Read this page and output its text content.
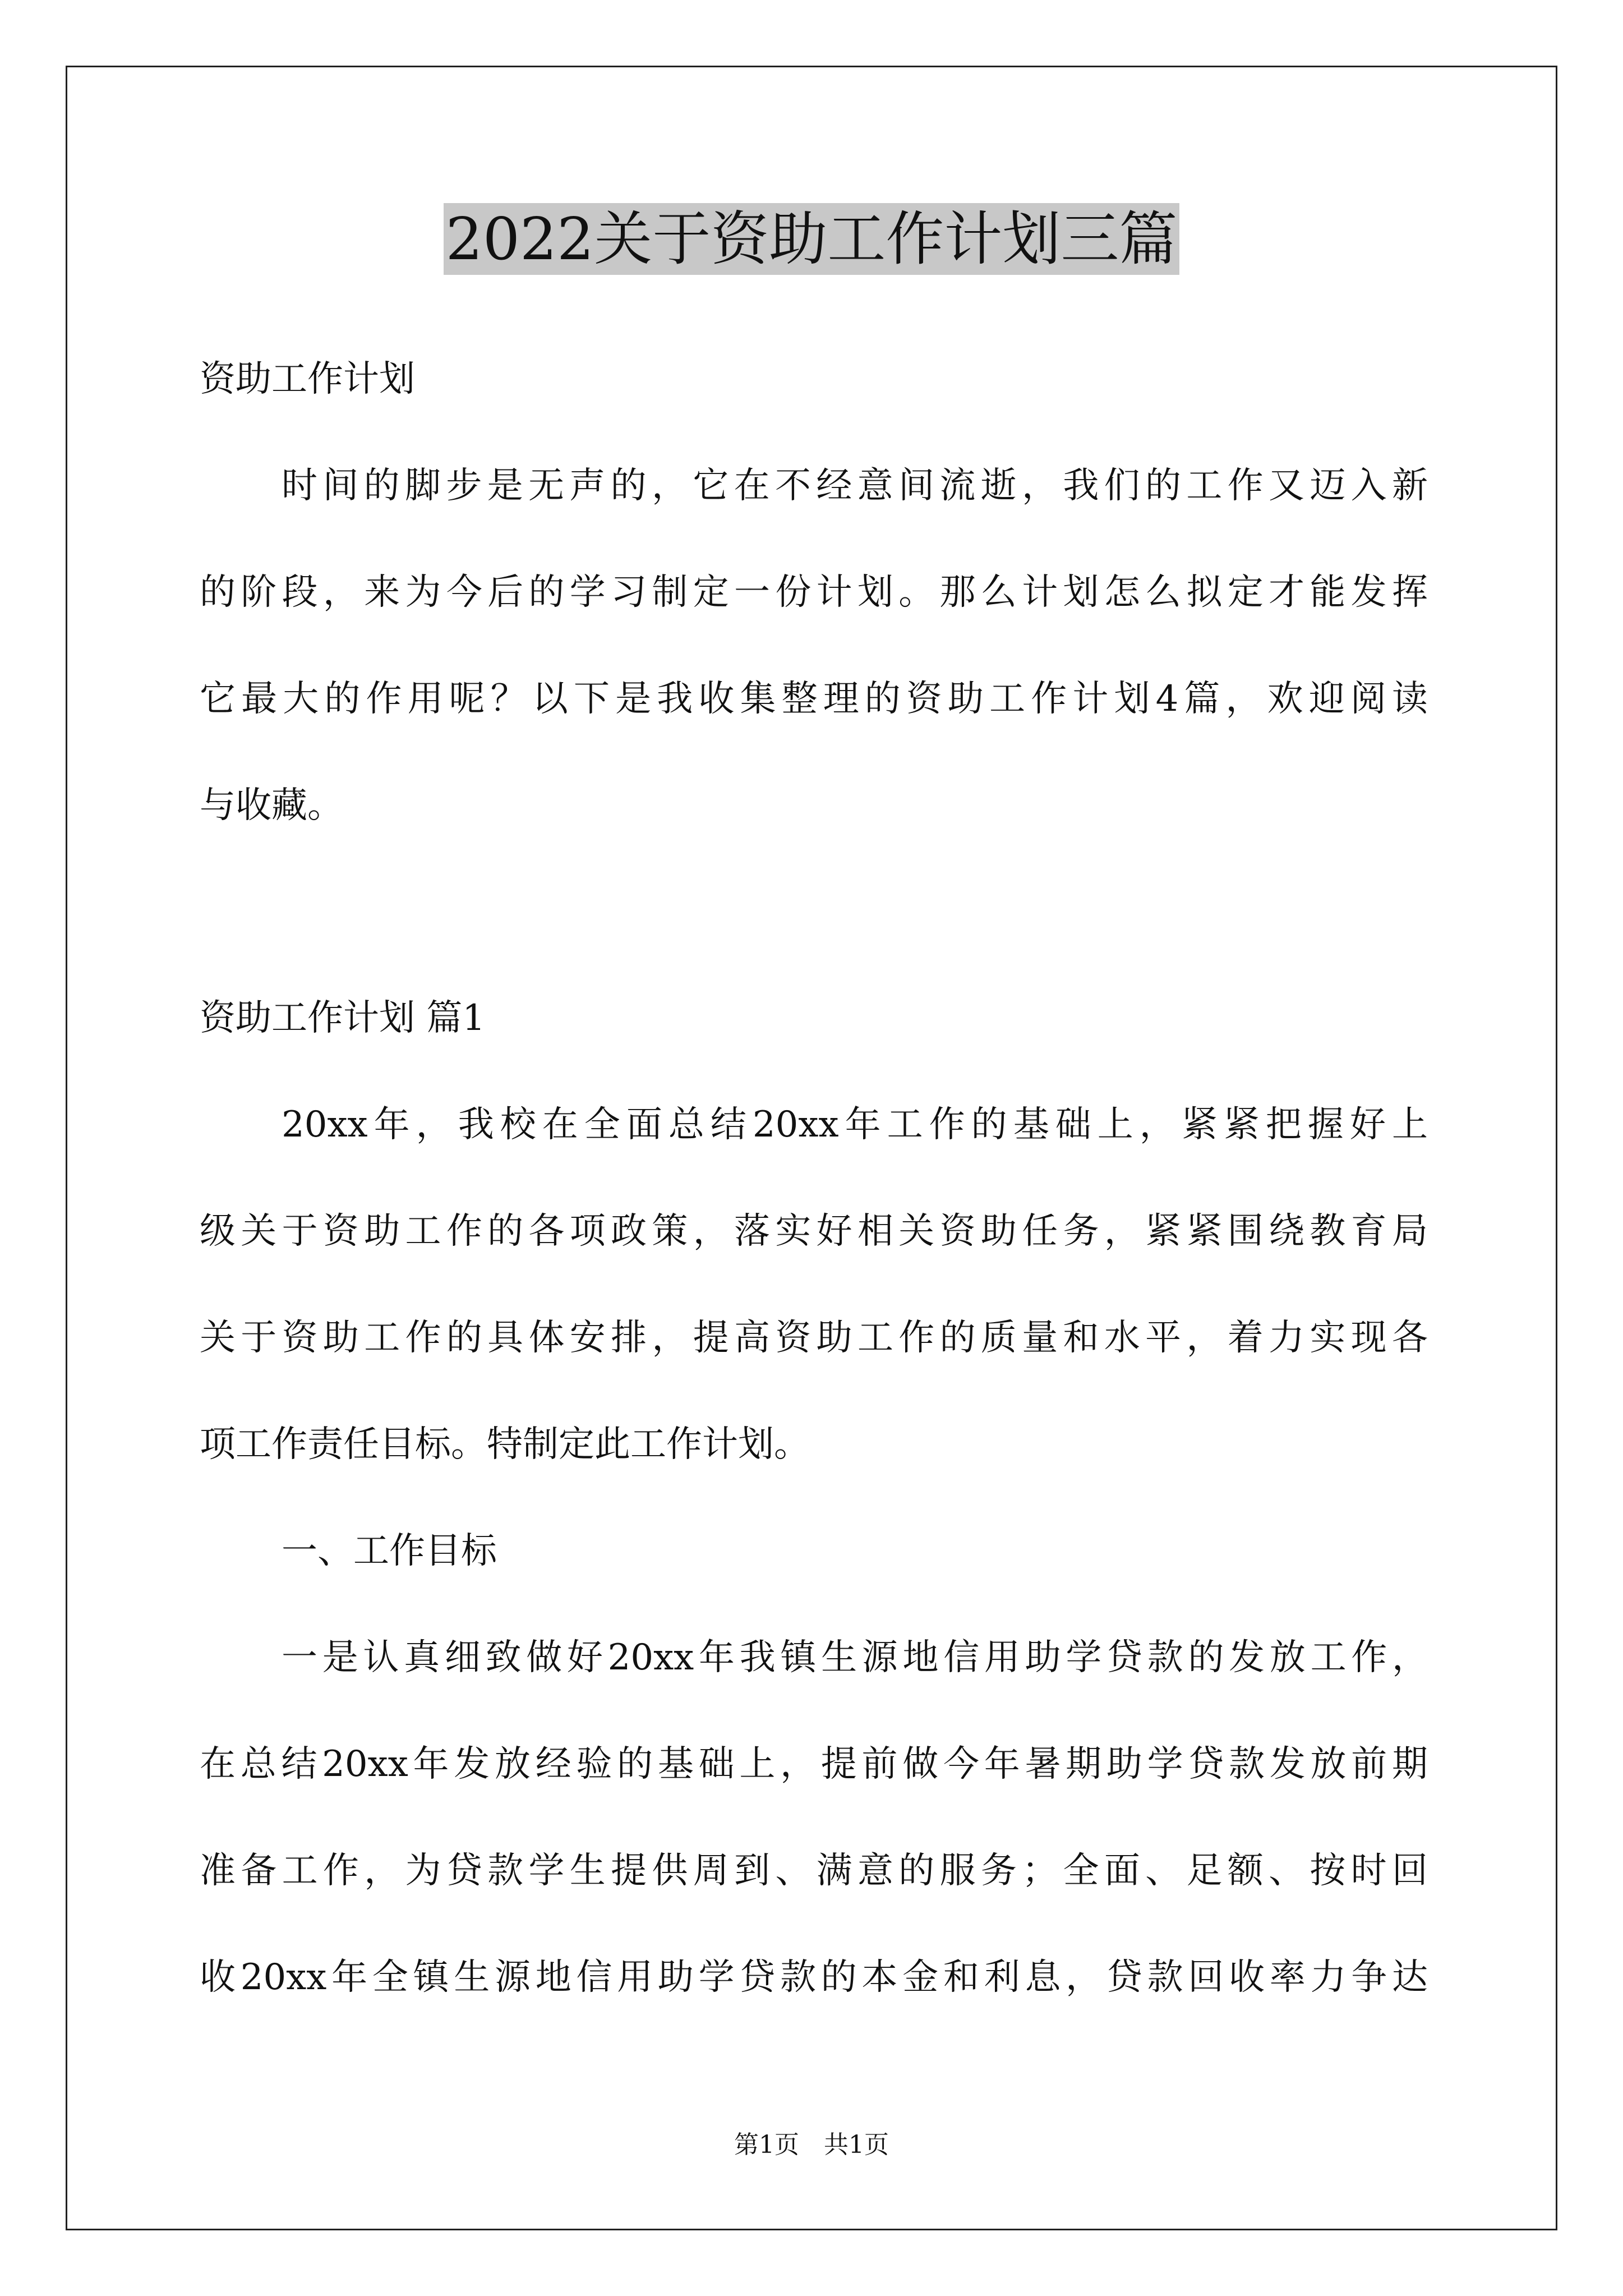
2022关于资助工作计划三篇
资助工作计划
时间的脚步是无声的，它在不经意间流逝，我们的工作又迈入新
的阶段，来为今后的学习制定一份计划。那么计划怎么拟定才能发挥
它最大的作用呢？以下是我收集整理的资助工作计划4篇，欢迎阅读
与收藏。
资助工作计划 篇1
20xx年，我校在全面总结20xx年工作的基础上，紧紧把握好上
级关于资助工作的各项政策，落实好相关资助任务，紧紧围绕教育局
关于资助工作的具体安排，提高资助工作的质量和水平，着力实现各
项工作责任目标。特制定此工作计划。
一、工作目标
一是认真细致做好20xx年我镇生源地信用助学贷款的发放工作，
在总结20xx年发放经验的基础上，提前做今年暑期助学贷款发放前期
准备工作，为贷款学生提供周到、满意的服务；全面、足额、按时回
收20xx年全镇生源地信用助学贷款的本金和利息，贷款回收率力争达
第1页　共1页
